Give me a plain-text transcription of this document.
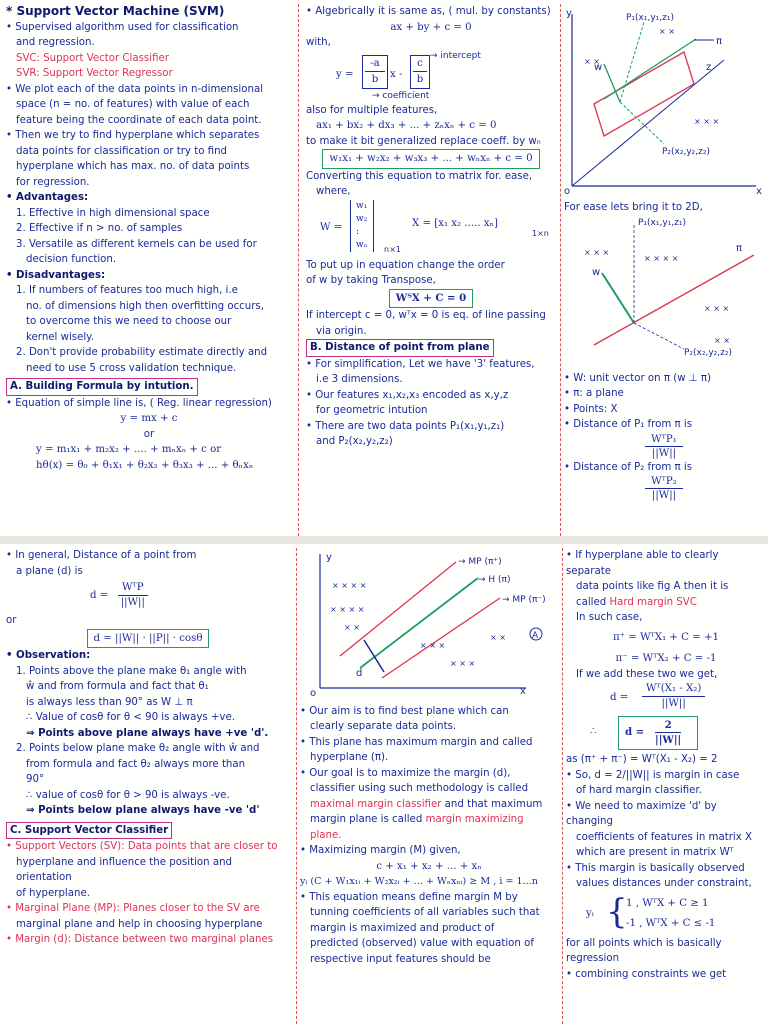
* Support Vector Machine (SVM)

• Supervised algorithm used for classification

and regression.

SVC: Support Vector Classifier

SVR: Support Vector Regressor

• We plot each of the data points in n-dimensional

space (n = no. of features) with value of each

feature being the coordinate of each data point.

• Then we try to find hyperplane which separates

data points for classification or try to find

hyperplane which has max. no. of data points

for regression.

• Advantages:

1. Effective in high dimensional space

2. Effective if n > no. of samples

3. Versatile as different kernels can be used for

decision function.

• Disadvantages:

1. If numbers of features too much high, i.e

no. of dimensions high then overfitting occurs,

to overcome this we need to choose our

kernel wisely.

2. Don't provide probability estimate directly and

need to use 5 cross validation technique.

A. Building Formula by intution.

• Equation of simple line is, ( Reg. linear regression)

y = mx + c

or

y = m₁x₁ + m₂x₂ + .... + mₙxₙ + c or

hθ(x) = θ₀ + θ₁x₁ + θ₂x₂ + θ₃x₃ + ... + θₙxₙ

• Algebrically it is same as, ( mul. by constants)

ax + by + c = 0

with,

y =
-a
b	x -
c
b
→ intercept
→ coefficient

also for multiple features,

ax₁ + bx₂ + dx₃ + ... + zₙxₙ + c = 0

to make it bit generalized replace coeff. by wₙ

w₁x₁ + w₂x₂ + w₃x₃ + ... + wₙxₙ + c = 0

Converting this equation to matrix for. ease,

where,

W =
w₁
w₂
:
wₙ n×1
X = [x₁ x₂ ..... xₙ]
1×n

To put up in equation change the order

of w by taking Transpose,

WᵀX + C = 0

If intercept c = 0, wᵀx = 0 is eq. of line passing

via origin.

B. Distance of point from plane

• For simplification, Let we have '3' features,

i.e 3 dimensions.

• Our features x₁,x₂,x₃ encoded as x,y,z

for geometric intution

• There are two data points P₁(x₁,y₁,z₁)

and P₂(x₂,y₂,z₂)

y
x
o
z
π
w
P₁(x₁,y₁,z₁)
P₂(x₂,y₂,z₂)
× ×
× × ×
× ×

For ease lets bring it to 2D,

π
w
P₁(x₁,y₁,z₁)
P₂(x₂,y₂,z₂)
× × ×
× × × ×
× × ×
× ×

• W: unit vector on π (w ⊥ π)

• π: a plane

• Points: X

• Distance of P₁ from π is

WᵀP₁
||W||

• Distance of P₂ from π is

WᵀP₂
||W||

• In general, Distance of a point from

a plane (d) is

d =
WᵀP
||W||

or

d = ||W|| · ||P|| · cosθ

• Observation:

1. Points above the plane make θ₁ angle with

ŵ and from formula and fact that θ₁

is always less than 90° as W ⊥ π

∴ Value of cosθ for θ < 90 is always +ve.

⇒ Points above plane always have +ve 'd'.

2. Points below plane make θ₂ angle with ŵ and

from formula and fact θ₂ always more than

90°

∴ value of cosθ for θ > 90 is always -ve.

⇒ Points below plane always have -ve 'd'

C. Support Vector Classifier

• Support Vectors (SV): Data points that are closer to

hyperplane and influence the position and orientation

of hyperplane.

• Marginal Plane (MP): Planes closer to the SV are

marginal plane and help in choosing hyperplane

• Margin (d): Distance between two marginal planes

y
x
o
d
→ MP (π⁺)
→ H (π)
→ MP (π⁻)
A
× × × ×
× × × ×
× ×
× × ×
× × ×
× ×

• Our aim is to find best plane which can

clearly separate data points.

• This plane has maximum margin and called

hyperplane (π).

• Our goal is to maximize the margin (d),

classifier using such methodology is called

maximal margin classifier and that maximum

margin plane is called margin maximizing

plane.

• Maximizing margin (M) given,

c + x₁ + x₂ + ... + xₙ

yᵢ (C + W₁x₁ᵢ + W₂x₂ᵢ + ... + Wₙxₙᵢ) ≥ M , i = 1...n

• This equation means define margin M by

tunning coefficients of all variables such that

margin is maximized and product of

predicted (observed) value with equation of

respective input features should be

• If hyperplane able to clearly separate

data points like fig A then it is

called Hard margin SVC

In such case,

π⁺ = WᵀX₁ + C = +1

π⁻ = WᵀX₂ + C = -1

If we add these two we get,

d =
Wᵀ(X₁ - X₂)
||W||
∴	d =
2
||W||

as (π⁺ + π⁻) = Wᵀ(X₁ - X₂) = 2

• So, d = 2/||W|| is margin in case

of hard margin classifier.

• We need to maximize 'd' by changing

coefficients of features in matrix X

which are present in matrix Wᵀ

• This margin is basically observed

values distances under constraint,

yᵢ {
1 , WᵀX + C ≥ 1
-1 , WᵀX + C ≤ -1

for all points which is basically regression

• combining constraints we get
